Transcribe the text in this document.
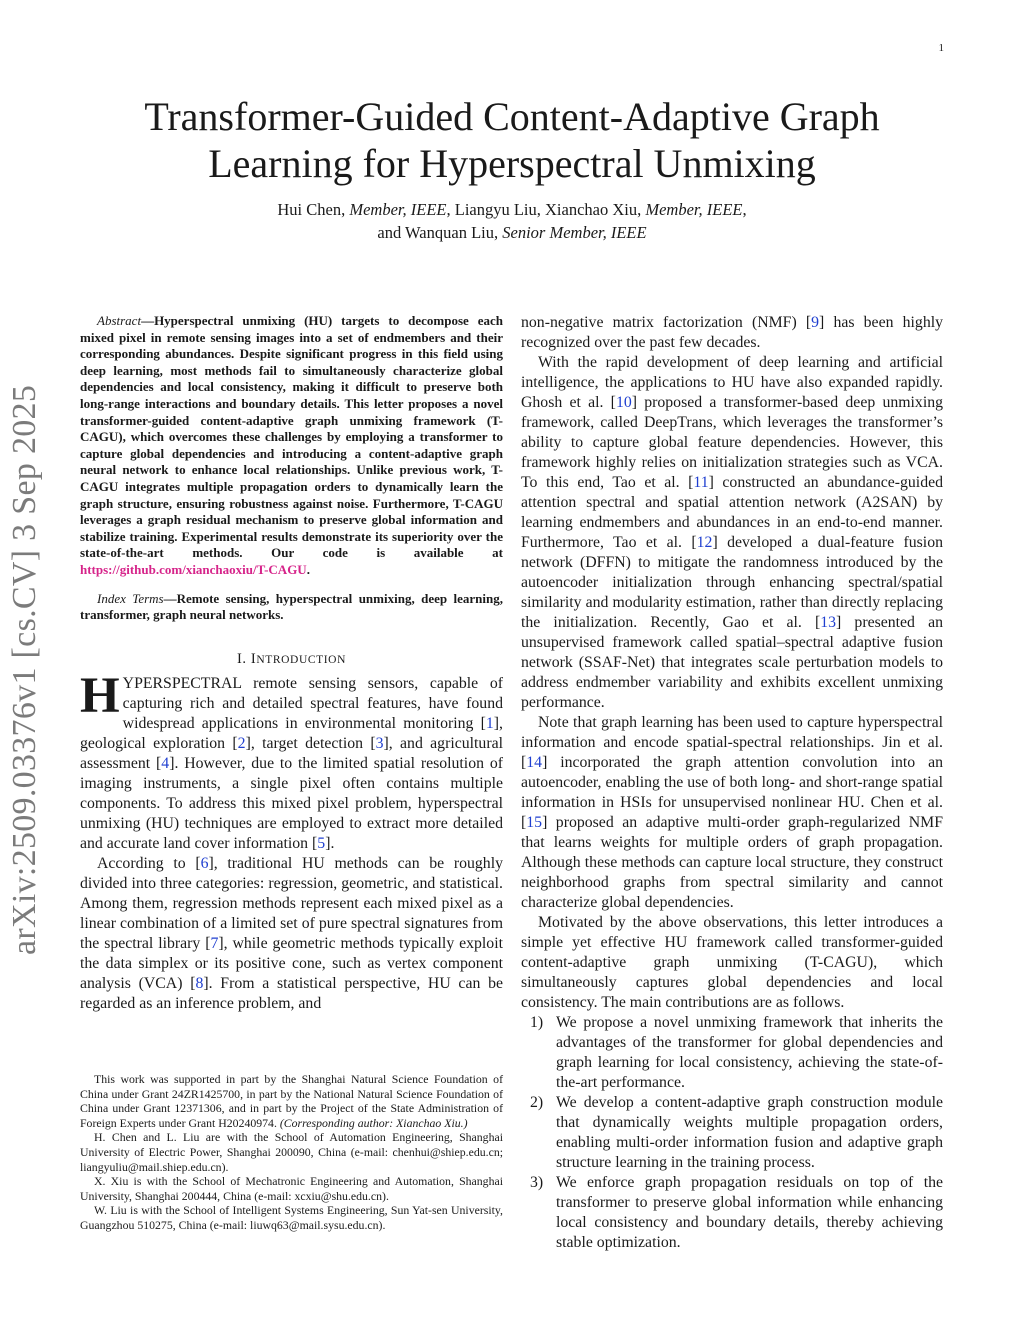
1
arXiv:2509.03376v1 [cs.CV] 3 Sep 2025
Transformer-Guided Content-Adaptive Graph
Learning for Hyperspectral Unmixing
Hui Chen, Member, IEEE, Liangyu Liu, Xianchao Xiu, Member, IEEE,
and Wanquan Liu, Senior Member, IEEE

Abstract—Hyperspectral unmixing (HU) targets to decompose each mixed pixel in remote sensing images into a set of endmembers and their corresponding abundances. Despite significant progress in this field using deep learning, most methods fail to simultaneously characterize global dependencies and local consistency, making it difficult to preserve both long-range interactions and boundary details. This letter proposes a novel transformer-guided content-adaptive graph unmixing framework (T-CAGU), which overcomes these challenges by employing a transformer to capture global dependencies and introducing a content-adaptive graph neural network to enhance local relationships. Unlike previous work, T-CAGU integrates multiple propagation orders to dynamically learn the graph structure, ensuring robustness against noise. Furthermore, T-CAGU leverages a graph residual mechanism to preserve global information and stabilize training. Experimental results demonstrate its superiority over the state-of-the-art methods. Our code is available at https://github.com/xianchaoxiu/T-CAGU.

Index Terms—Remote sensing, hyperspectral unmixing, deep learning, transformer, graph neural networks.

I. INTRODUCTION

HYPERSPECTRAL remote sensing sensors, capable of capturing rich and detailed spectral features, have found widespread applications in environmental monitoring [1], geological exploration [2], target detection [3], and agricultural assessment [4]. However, due to the limited spatial resolution of imaging instruments, a single pixel often contains multiple components. To address this mixed pixel problem, hyperspectral unmixing (HU) techniques are employed to extract more detailed and accurate land cover information [5].

According to [6], traditional HU methods can be roughly divided into three categories: regression, geometric, and statistical. Among them, regression methods represent each mixed pixel as a linear combination of a limited set of pure spectral signatures from the spectral library [7], while geometric methods typically exploit the data simplex or its positive cone, such as vertex component analysis (VCA) [8]. From a statistical perspective, HU can be regarded as an inference problem, and

This work was supported in part by the Shanghai Natural Science Foundation of China under Grant 24ZR1425700, in part by the National Natural Science Foundation of China under Grant 12371306, and in part by the Project of the State Administration of Foreign Experts under Grant H20240974. (Corresponding author: Xianchao Xiu.)

H. Chen and L. Liu are with the School of Automation Engineering, Shanghai University of Electric Power, Shanghai 200090, China (e-mail: chenhui@shiep.edu.cn; liangyuliu@mail.shiep.edu.cn).

X. Xiu is with the School of Mechatronic Engineering and Automation, Shanghai University, Shanghai 200444, China (e-mail: xcxiu@shu.edu.cn).

W. Liu is with the School of Intelligent Systems Engineering, Sun Yat-sen University, Guangzhou 510275, China (e-mail: liuwq63@mail.sysu.edu.cn).

non-negative matrix factorization (NMF) [9] has been highly recognized over the past few decades.

With the rapid development of deep learning and artificial intelligence, the applications to HU have also expanded rapidly. Ghosh et al. [10] proposed a transformer-based deep unmixing framework, called DeepTrans, which leverages the transformer’s ability to capture global feature dependencies. However, this framework highly relies on initialization strategies such as VCA. To this end, Tao et al. [11] constructed an abundance-guided attention spectral and spatial attention network (A2SAN) by learning endmembers and abundances in an end-to-end manner. Furthermore, Tao et al. [12] developed a dual-feature fusion network (DFFN) to mitigate the randomness introduced by the autoencoder initialization through enhancing spectral/spatial similarity and modularity estimation, rather than directly replacing the initialization. Recently, Gao et al. [13] presented an unsupervised framework called spatial–spectral adaptive fusion network (SSAF-Net) that integrates scale perturbation models to address endmember variability and exhibits excellent unmixing performance.

Note that graph learning has been used to capture hyperspectral information and encode spatial-spectral relationships. Jin et al. [14] incorporated the graph attention convolution into an autoencoder, enabling the use of both long- and short-range spatial information in HSIs for unsupervised nonlinear HU. Chen et al. [15] proposed an adaptive multi-order graph-regularized NMF that learns weights for multiple orders of graph propagation. Although these methods can capture local structure, they construct neighborhood graphs from spectral similarity and cannot characterize global dependencies.

Motivated by the above observations, this letter introduces a simple yet effective HU framework called transformer-guided content-adaptive graph unmixing (T-CAGU), which simultaneously captures global dependencies and local consistency. The main contributions are as follows.

1) We propose a novel unmixing framework that inherits the advantages of the transformer for global dependencies and graph learning for local consistency, achieving the state-of-the-art performance.
2) We develop a content-adaptive graph construction module that dynamically weights multiple propagation orders, enabling multi-order information fusion and adaptive graph structure learning in the training process.
3) We enforce graph propagation residuals on top of the transformer to preserve global information while enhancing local consistency and boundary details, thereby achieving stable optimization.
